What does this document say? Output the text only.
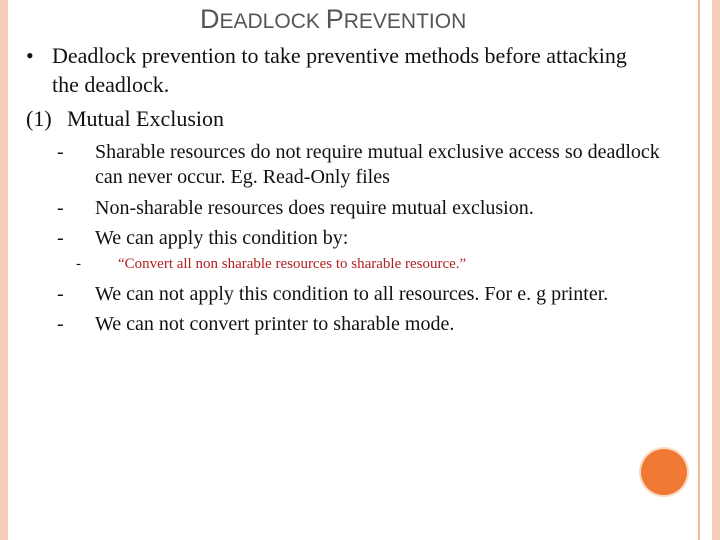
DEADLOCK PREVENTION
• Deadlock prevention to take preventive methods before attacking
the deadlock.
(1) Mutual Exclusion
- Sharable resources do not require mutual exclusive access so deadlock
can never occur. Eg. Read-Only files
- Non-sharable resources does require mutual exclusion.
- We can apply this condition by:
- “Convert all non sharable resources to sharable resource.”
- We can not apply this condition to all resources. For e. g printer.
- We can not convert printer to sharable mode.
